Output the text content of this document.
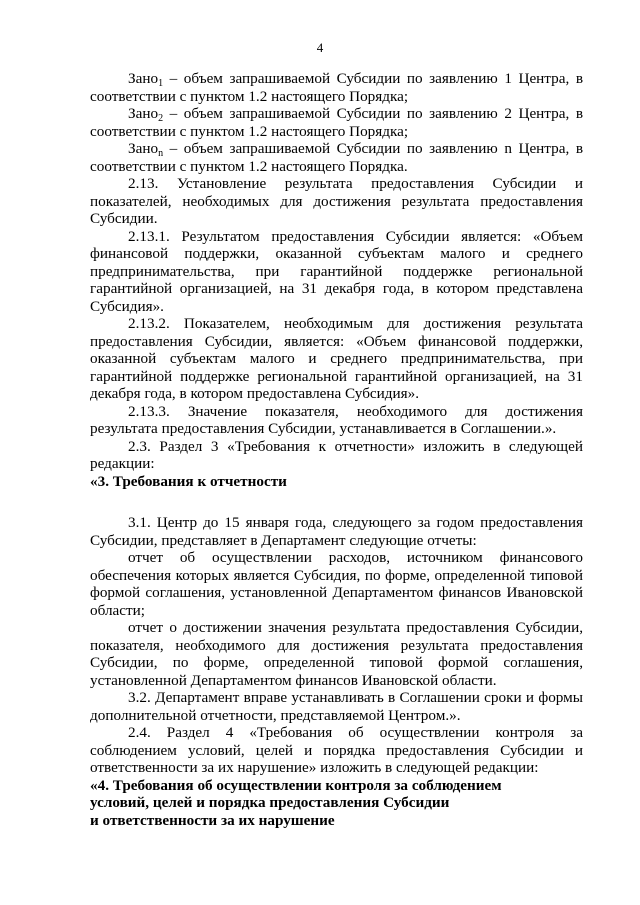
4

Зано$_1$ – объем запрашиваемой Субсидии по заявлению 1 Центра, в соответствии с пунктом 1.2 настоящего Порядка;

Зано$_2$ – объем запрашиваемой Субсидии по заявлению 2 Центра, в соответствии с пунктом 1.2 настоящего Порядка;

Зано$_n$ – объем запрашиваемой Субсидии по заявлению n Центра, в соответствии с пунктом 1.2 настоящего Порядка.

2.13. Установление результата предоставления Субсидии и показателей, необходимых для достижения результата предоставления Субсидии.

2.13.1. Результатом предоставления Субсидии является: «Объем финансовой поддержки, оказанной субъектам малого и среднего предпринимательства, при гарантийной поддержке региональной гарантийной организацией, на 31 декабря года, в котором представлена Субсидия».

2.13.2. Показателем, необходимым для достижения результата предоставления Субсидии, является: «Объем финансовой поддержки, оказанной субъектам малого и среднего предпринимательства, при гарантийной поддержке региональной гарантийной организацией, на 31 декабря года, в котором предоставлена Субсидия».

2.13.3. Значение показателя, необходимого для достижения результата предоставления Субсидии, устанавливается в Соглашении.».

2.3. Раздел 3 «Требования к отчетности» изложить в следующей редакции:

«3. Требования к отчетности

3.1. Центр до 15 января года, следующего за годом предоставления Субсидии, представляет в Департамент следующие отчеты:

отчет об осуществлении расходов, источником финансового обеспечения которых является Субсидия, по форме, определенной типовой формой соглашения, установленной Департаментом финансов Ивановской области;

отчет о достижении значения результата предоставления Субсидии, показателя, необходимого для достижения результата предоставления Субсидии, по форме, определенной типовой формой соглашения, установленной Департаментом финансов Ивановской области.

3.2. Департамент вправе устанавливать в Соглашении сроки и формы дополнительной отчетности, представляемой Центром.».

2.4. Раздел 4 «Требования об осуществлении контроля за соблюдением условий, целей и порядка предоставления Субсидии и ответственности за их нарушение» изложить в следующей редакции:

«4. Требования об осуществлении контроля за соблюдением

условий, целей и порядка предоставления Субсидии

и ответственности за их нарушение
